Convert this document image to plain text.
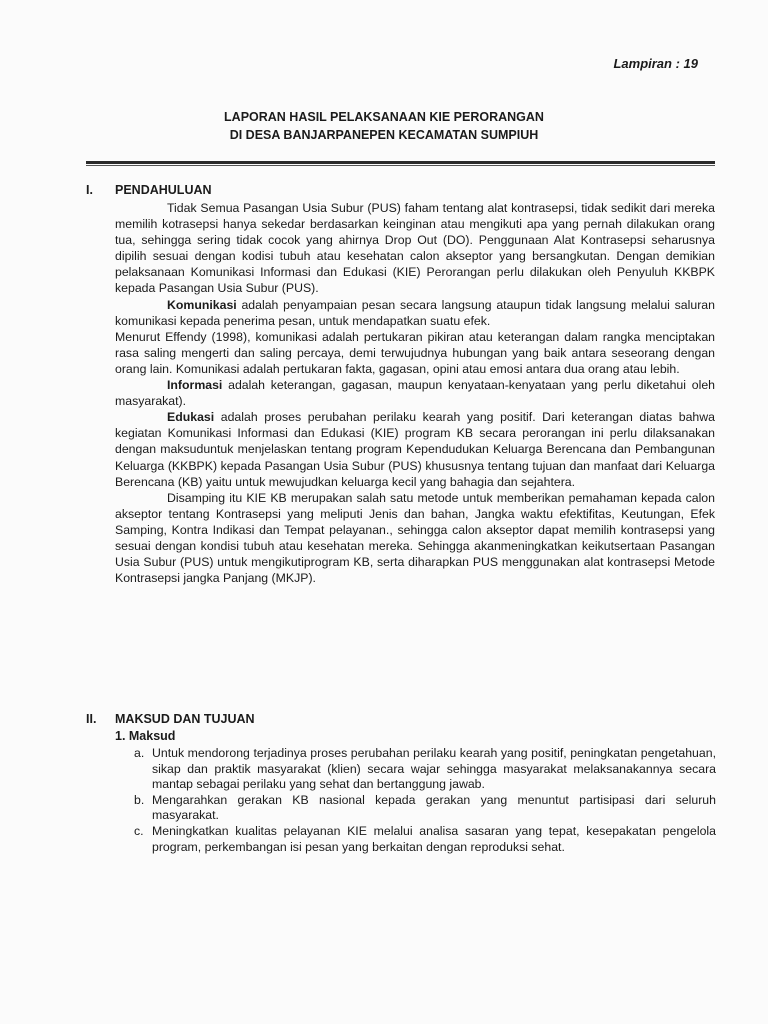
Lampiran : 19
LAPORAN HASIL PELAKSANAAN KIE PERORANGAN
DI DESA BANJARPANEPEN KECAMATAN SUMPIUH
I. PENDAHULUAN

Tidak Semua Pasangan Usia Subur (PUS) faham tentang alat kontrasepsi, tidak sedikit dari mereka memilih kotrasepsi hanya sekedar berdasarkan keinginan atau mengikuti apa yang pernah dilakukan orang tua, sehingga sering tidak cocok yang ahirnya Drop Out (DO). Penggunaan Alat Kontrasepsi seharusnya dipilih sesuai dengan kodisi tubuh atau kesehatan calon akseptor yang bersangkutan. Dengan demikian pelaksanaan Komunikasi Informasi dan Edukasi (KIE) Perorangan perlu dilakukan oleh Penyuluh KKBPK kepada Pasangan Usia Subur (PUS).

Komunikasi adalah penyampaian pesan secara langsung ataupun tidak langsung melalui saluran komunikasi kepada penerima pesan, untuk mendapatkan suatu efek.

Menurut Effendy (1998), komunikasi adalah pertukaran pikiran atau keterangan dalam rangka menciptakan rasa saling mengerti dan saling percaya, demi terwujudnya hubungan yang baik antara seseorang dengan orang lain. Komunikasi adalah pertukaran fakta, gagasan, opini atau emosi antara dua orang atau lebih.

Informasi adalah keterangan, gagasan, maupun kenyataan-kenyataan yang perlu diketahui oleh masyarakat).

Edukasi adalah proses perubahan perilaku kearah yang positif. Dari keterangan diatas bahwa kegiatan Komunikasi Informasi dan Edukasi (KIE) program KB secara perorangan ini perlu dilaksanakan dengan maksuduntuk menjelaskan tentang program Kependudukan Keluarga Berencana dan Pembangunan Keluarga (KKBPK) kepada Pasangan Usia Subur (PUS) khususnya tentang tujuan dan manfaat dari Keluarga Berencana (KB) yaitu untuk mewujudkan keluarga kecil yang bahagia dan sejahtera.

Disamping itu KIE KB merupakan salah satu metode untuk memberikan pemahaman kepada calon akseptor tentang Kontrasepsi yang meliputi Jenis dan bahan, Jangka waktu efektifitas, Keutungan, Efek Samping, Kontra Indikasi dan Tempat pelayanan., sehingga calon akseptor dapat memilih kontrasepsi yang sesuai dengan kondisi tubuh atau kesehatan mereka. Sehingga akanmeningkatkan keikutsertaan Pasangan Usia Subur (PUS) untuk mengikutiprogram KB, serta diharapkan PUS menggunakan alat kontrasepsi Metode Kontrasepsi jangka Panjang (MKJP).

II. MAKSUD DAN TUJUAN
1. Maksud
a. Untuk mendorong terjadinya proses perubahan perilaku kearah yang positif, peningkatan pengetahuan, sikap dan praktik masyarakat (klien) secara wajar sehingga masyarakat melaksanakannya secara mantap sebagai perilaku yang sehat dan bertanggung jawab.
b. Mengarahkan gerakan KB nasional kepada gerakan yang menuntut partisipasi dari seluruh masyarakat.
c. Meningkatkan kualitas pelayanan KIE melalui analisa sasaran yang tepat, kesepakatan pengelola program, perkembangan isi pesan yang berkaitan dengan reproduksi sehat.
